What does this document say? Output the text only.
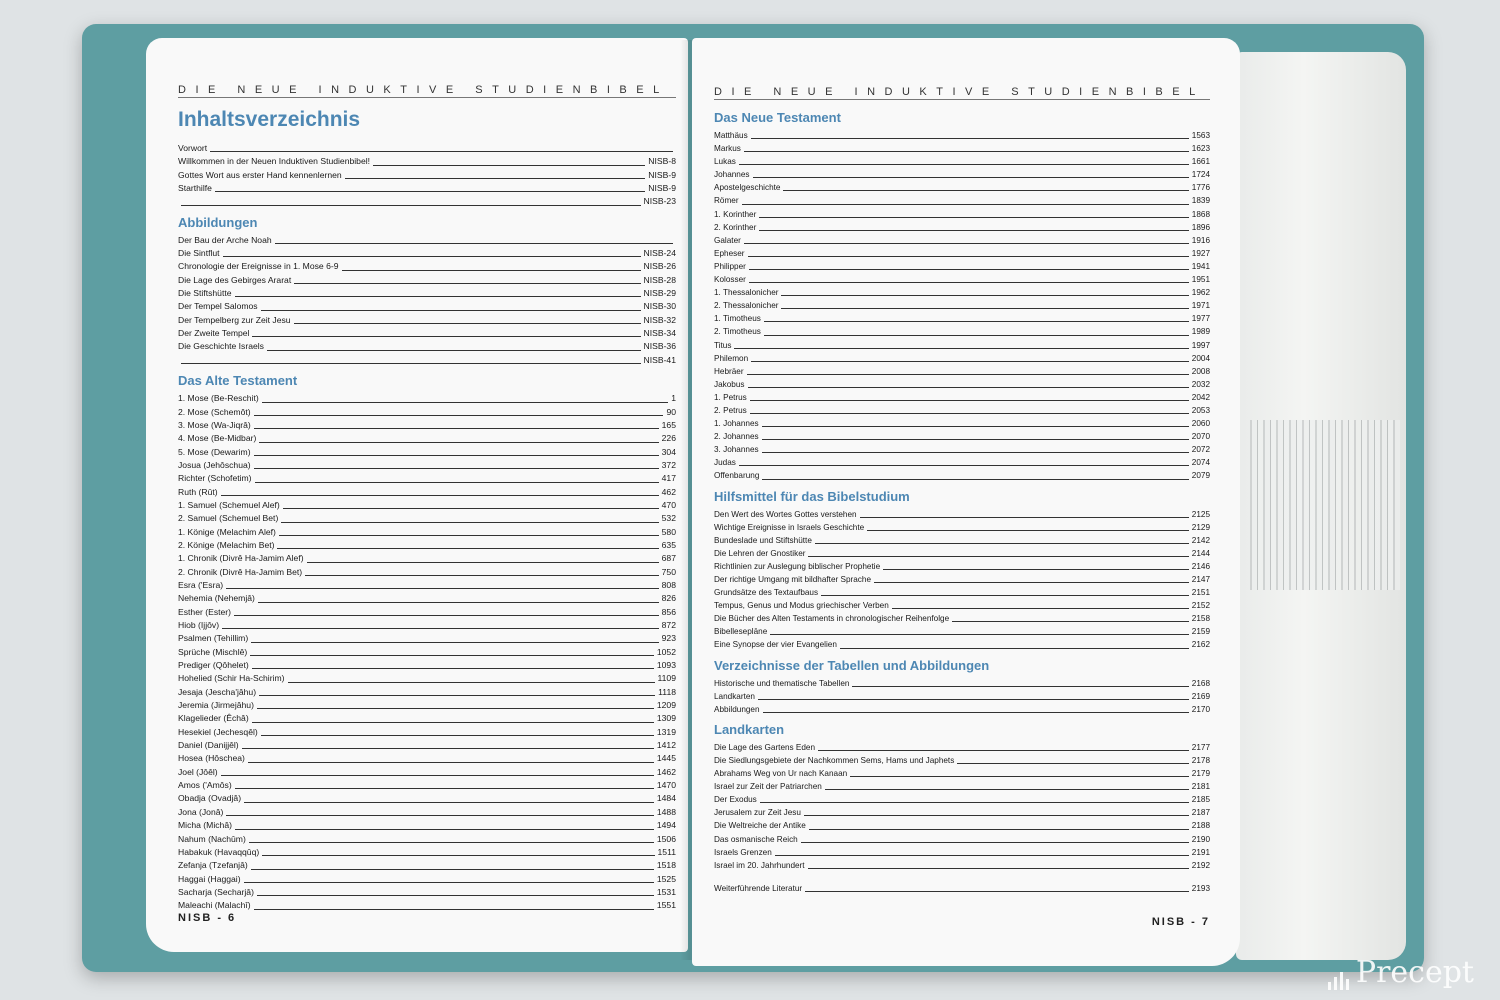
DIE NEUE INDUKTIVE STUDIENBIBEL
Inhaltsverzeichnis
Vorwort
Willkommen in der Neuen Induktiven Studienbibel!	NISB-8
Gottes Wort aus erster Hand kennenlernen	NISB-9
Starthilfe	NISB-9
NISB-23
Abbildungen
Der Bau der Arche Noah
Die Sintflut	NISB-24
Chronologie der Ereignisse in 1. Mose 6-9	NISB-26
Die Lage des Gebirges Ararat	NISB-28
Die Stiftshütte	NISB-29
Der Tempel Salomos	NISB-30
Der Tempelberg zur Zeit Jesu	NISB-32
Der Zweite Tempel	NISB-34
Die Geschichte Israels	NISB-36
NISB-41
Das Alte Testament
1. Mose (Be-Reschit)	1
2. Mose (Schemôt)	90
3. Mose (Wa-Jiqrâ)	165
4. Mose (Be-Midbar)	226
5. Mose (Dewarim)	304
Josua (Jehôschua)	372
Richter (Schofetim)	417
Ruth (Rût)	462
1. Samuel (Schemuel Alef)	470
2. Samuel (Schemuel Bet)	532
1. Könige (Melachim Alef)	580
2. Könige (Melachim Bet)	635
1. Chronik (Divrê Ha-Jamim Alef)	687
2. Chronik (Divrê Ha-Jamim Bet)	750
Esra ('Esra)	808
Nehemia (Nehemjâ)	826
Esther (Ester)	856
Hiob (Ijjôv)	872
Psalmen (Tehillim)	923
Sprüche (Mischlê)	1052
Prediger (Qôhelet)	1093
Hohelied (Schir Ha-Schirim)	1109
Jesaja (Jescha'jâhu)	1118
Jeremia (Jirmejâhu)	1209
Klagelieder (Êchâ)	1309
Hesekiel (Jechesqêl)	1319
Daniel (Danijjêl)	1412
Hosea (Hôschea)	1445
Joel (Jôêl)	1462
Amos ('Amôs)	1470
Obadja (Ovadjâ)	1484
Jona (Jonâ)	1488
Micha (Michâ)	1494
Nahum (Nachûm)	1506
Habakuk (Havaqqûq)	1511
Zefanja (Tzefanjâ)	1518
Haggai (Haggai)	1525
Sacharja (Secharjâ)	1531
Maleachi (Malachî)	1551
NISB - 6
DIE NEUE INDUKTIVE STUDIENBIBEL
Das Neue Testament
Matthäus	1563
Markus	1623
Lukas	1661
Johannes	1724
Apostelgeschichte	1776
Römer	1839
1. Korinther	1868
2. Korinther	1896
Galater	1916
Epheser	1927
Philipper	1941
Kolosser	1951
1. Thessalonicher	1962
2. Thessalonicher	1971
1. Timotheus	1977
2. Timotheus	1989
Titus	1997
Philemon	2004
Hebräer	2008
Jakobus	2032
1. Petrus	2042
2. Petrus	2053
1. Johannes	2060
2. Johannes	2070
3. Johannes	2072
Judas	2074
Offenbarung	2079
Hilfsmittel für das Bibelstudium
Den Wert des Wortes Gottes verstehen	2125
Wichtige Ereignisse in Israels Geschichte	2129
Bundeslade und Stiftshütte	2142
Die Lehren der Gnostiker	2144
Richtlinien zur Auslegung biblischer Prophetie	2146
Der richtige Umgang mit bildhafter Sprache	2147
Grundsätze des Textaufbaus	2151
Tempus, Genus und Modus griechischer Verben	2152
Die Bücher des Alten Testaments in chronologischer Reihenfolge	2158
Bibelleseplāne	2159
Eine Synopse der vier Evangelien	2162
Verzeichnisse der Tabellen und Abbildungen
Historische und thematische Tabellen	2168
Landkarten	2169
Abbildungen	2170
Landkarten
Die Lage des Gartens Eden	2177
Die Siedlungsgebiete der Nachkommen Sems, Hams und Japhets	2178
Abrahams Weg von Ur nach Kanaan	2179
Israel zur Zeit der Patriarchen	2181
Der Exodus	2185
Jerusalem zur Zeit Jesu	2187
Die Weltreiche der Antike	2188
Das osmanische Reich	2190
Israels Grenzen	2191
Israel im 20. Jahrhundert	2192
Weiterführende Literatur	2193
NISB - 7
Precept
